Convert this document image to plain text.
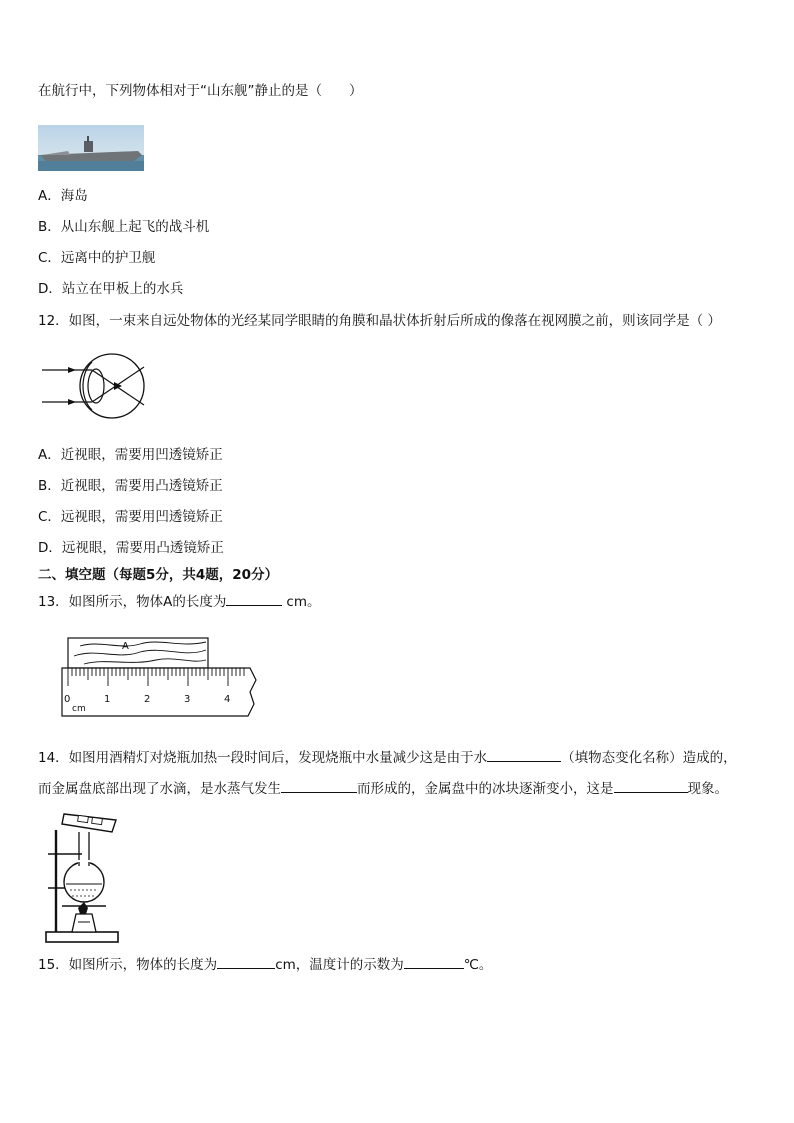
在航行中，下列物体相对于“山东舰”静止的是（　　）
A．海岛
B．从山东舰上起飞的战斗机
C．远离中的护卫舰
D．站立在甲板上的水兵
12．如图，一束来自远处物体的光经某同学眼睛的角膜和晶状体折射后所成的像落在视网膜之前，则该同学是（ ）
A．近视眼，需要用凹透镜矫正
B．近视眼，需要用凸透镜矫正
C．远视眼，需要用凹透镜矫正
D．远视眼，需要用凸透镜矫正
二、填空题（每题5分，共4题，20分）
13．如图所示，物体A的长度为	cm。
A
0	1	2	3	4
cm
14．如图用酒精灯对烧瓶加热一段时间后，发现烧瓶中水量减少这是由于水	（填物态变化名称）造成的，
而金属盘底部出现了水滴，是水蒸气发生	而形成的，金属盘中的冰块逐渐变小，这是	现象。
15．如图所示，物体的长度为	cm，温度计的示数为	℃。
